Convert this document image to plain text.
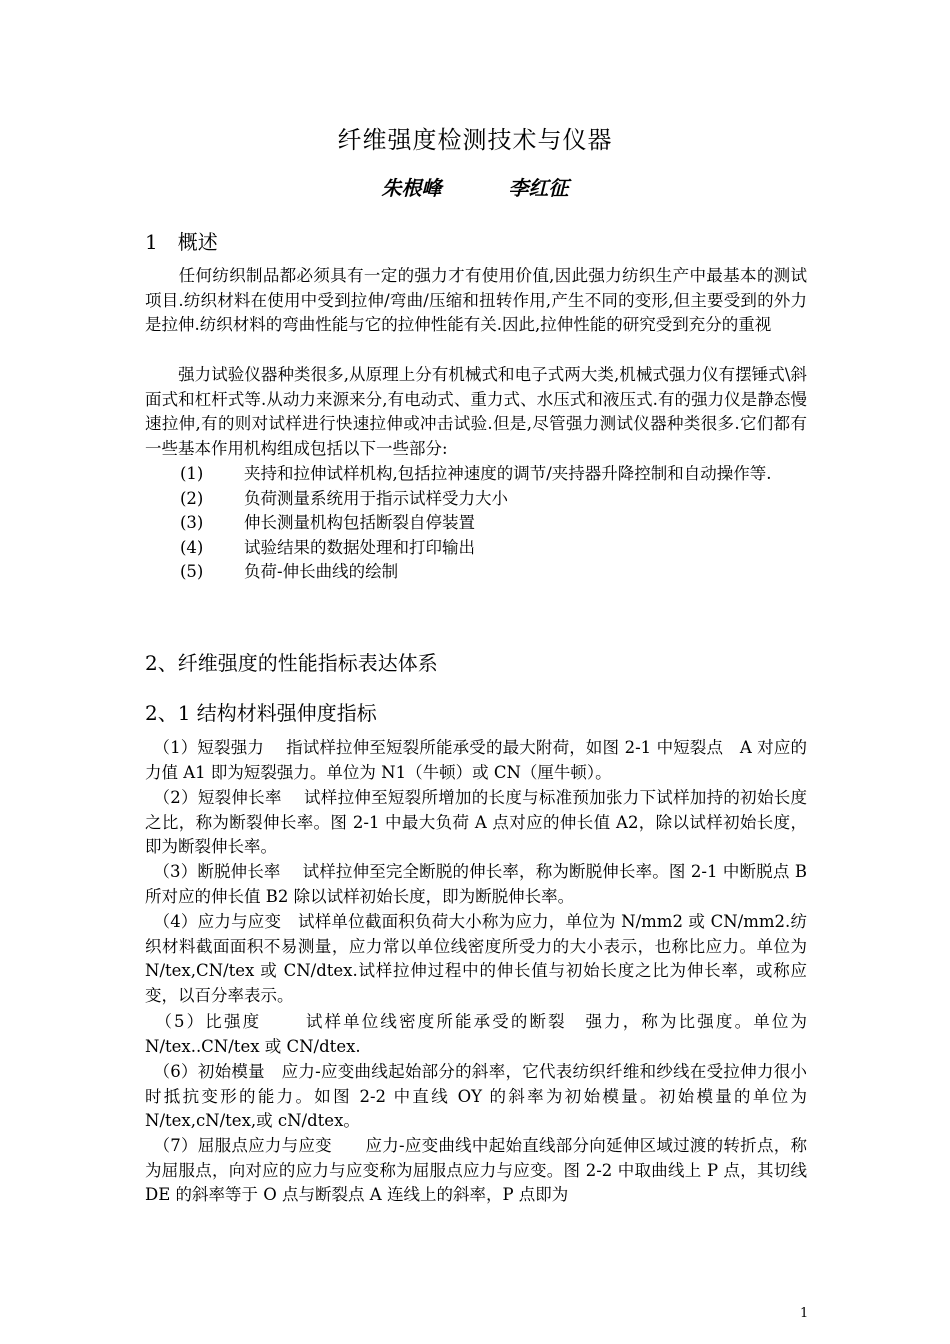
纤维强度检测技术与仪器
朱根峰 李红征
1　概述
　　任何纺织制品都必须具有一定的强力才有使用价值,因此强力纺织生产中最基本的测试项目.纺织材料在使用中受到拉伸/弯曲/压缩和扭转作用,产生不同的变形,但主要受到的外力是拉伸.纺织材料的弯曲性能与它的拉伸性能有关.因此,拉伸性能的研究受到充分的重视
　　强力试验仪器种类很多,从原理上分有机械式和电子式两大类,机械式强力仪有摆锤式\斜面式和杠杆式等.从动力来源来分,有电动式、重力式、水压式和液压式.有的强力仪是静态慢速拉伸,有的则对试样进行快速拉伸或冲击试验.但是,尽管强力测试仪器种类很多.它们都有一些基本作用机构组成包括以下一些部分:
(1)	夹持和拉伸试样机构,包括拉神速度的调节/夹持器升降控制和自动操作等.
(2)	负荷测量系统用于指示试样受力大小
(3)	伸长测量机构包括断裂自停装置
(4)	试验结果的数据处理和打印输出
(5)	负荷-伸长曲线的绘制
2、纤维强度的性能指标表达体系
2、1 结构材料强伸度指标
　（1）短裂强力　 指试样拉伸至短裂所能承受的最大附荷，如图 2-1 中短裂点　A 对应的力值 A1 即为短裂强力。单位为 N1（牛顿）或 CN（厘牛顿）。
　（2）短裂伸长率　 试样拉伸至短裂所增加的长度与标准预加张力下试样加持的初始长度 之比，称为断裂伸长率。图 2-1 中最大负荷 A 点对应的伸长值 A2，除以试样初始长度，即为断裂伸长率。
　（3）断脱伸长率　 试样拉伸至完全断脱的伸长率，称为断脱伸长率。图 2-1 中断脱点 B 所对应的伸长值 B2 除以试样初始长度，即为断脱伸长率。
　（4）应力与应变　试样单位截面积负荷大小称为应力，单位为 N/mm2 或 CN/mm2.纺织材料截面面积不易测量，应力常以单位线密度所受力的大小表示，也称比应力。单位为 N/tex,CN/tex 或 CN/dtex.试样拉伸过程中的伸长值与初始长度之比为伸长率，或称应变，以百分率表示。
　（5）比强度　　 试样单位线密度所能承受的断裂　强力，称为比强度。单位为 N/tex..CN/tex 或 CN/dtex.
　（6）初始模量　应力-应变曲线起始部分的斜率，它代表纺织纤维和纱线在受拉伸力很小时抵抗变形的能力。如图 2-2 中直线 OY 的斜率为初始模量。初始模量的单位为 N/tex,cN/tex,或 cN/dtex。
　（7）屈服点应力与应变　　应力-应变曲线中起始直线部分向延伸区域过渡的转折点，称为屈服点，向对应的应力与应变称为屈服点应力与应变。图 2-2 中取曲线上 P 点，其切线 DE 的斜率等于 O 点与断裂点 A 连线上的斜率，P 点即为
1
